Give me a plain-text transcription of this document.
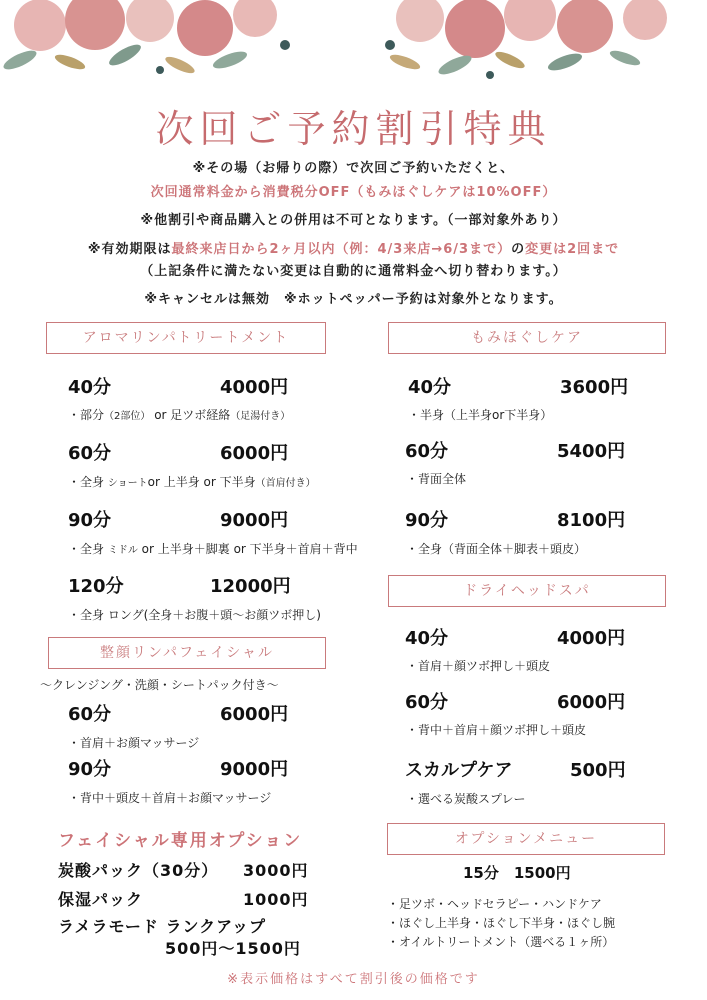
次回ご予約割引特典
※その場（お帰りの際）で次回ご予約いただくと、
次回通常料金から消費税分OFF（もみほぐしケアは10%OFF）
※他割引や商品購入との併用は不可となります。（一部対象外あり）
※有効期限は最終来店日から2ヶ月以内（例：4/3来店→6/3まで）の変更は2回まで
（上記条件に満たない変更は自動的に通常料金へ切り替わります。）
※キャンセルは無効　※ホットペッパー予約は対象外となります。
アロマリンパトリートメント
40分	4000円
・部分（2部位） or 足ツボ経絡（足湯付き）
60分	6000円
・全身 ショートor 上半身 or 下半身（首肩付き）
90分	9000円
・全身 ミドル or 上半身＋脚裏 or 下半身＋首肩＋背中
120分	12000円
・全身 ロング(全身＋お腹＋頭〜お顔ツボ押し)
整顔リンパフェイシャル
〜クレンジング・洗顔・シートパック付き〜
60分	6000円
・首肩＋お顔マッサージ
90分	9000円
・背中＋頭皮＋首肩＋お顔マッサージ
フェイシャル専用オプション
炭酸パック（30分） 3000円
保湿パック	1000円
ラメラモード ランクアップ
500円〜1500円
もみほぐしケア
40分	3600円
・半身（上半身or下半身）
60分	5400円
・背面全体
90分	8100円
・全身（背面全体＋脚表＋頭皮）
ドライヘッドスパ
40分	4000円
・首肩＋顔ツボ押し＋頭皮
60分	6000円
・背中＋首肩＋顔ツボ押し＋頭皮
スカルプケア	500円
・選べる炭酸スプレー
オプションメニュー
15分　1500円
・足ツボ・ヘッドセラピー・ハンドケア
・ほぐし上半身・ほぐし下半身・ほぐし腕
・オイルトリートメント（選べる１ヶ所）
※表示価格はすべて割引後の価格です
